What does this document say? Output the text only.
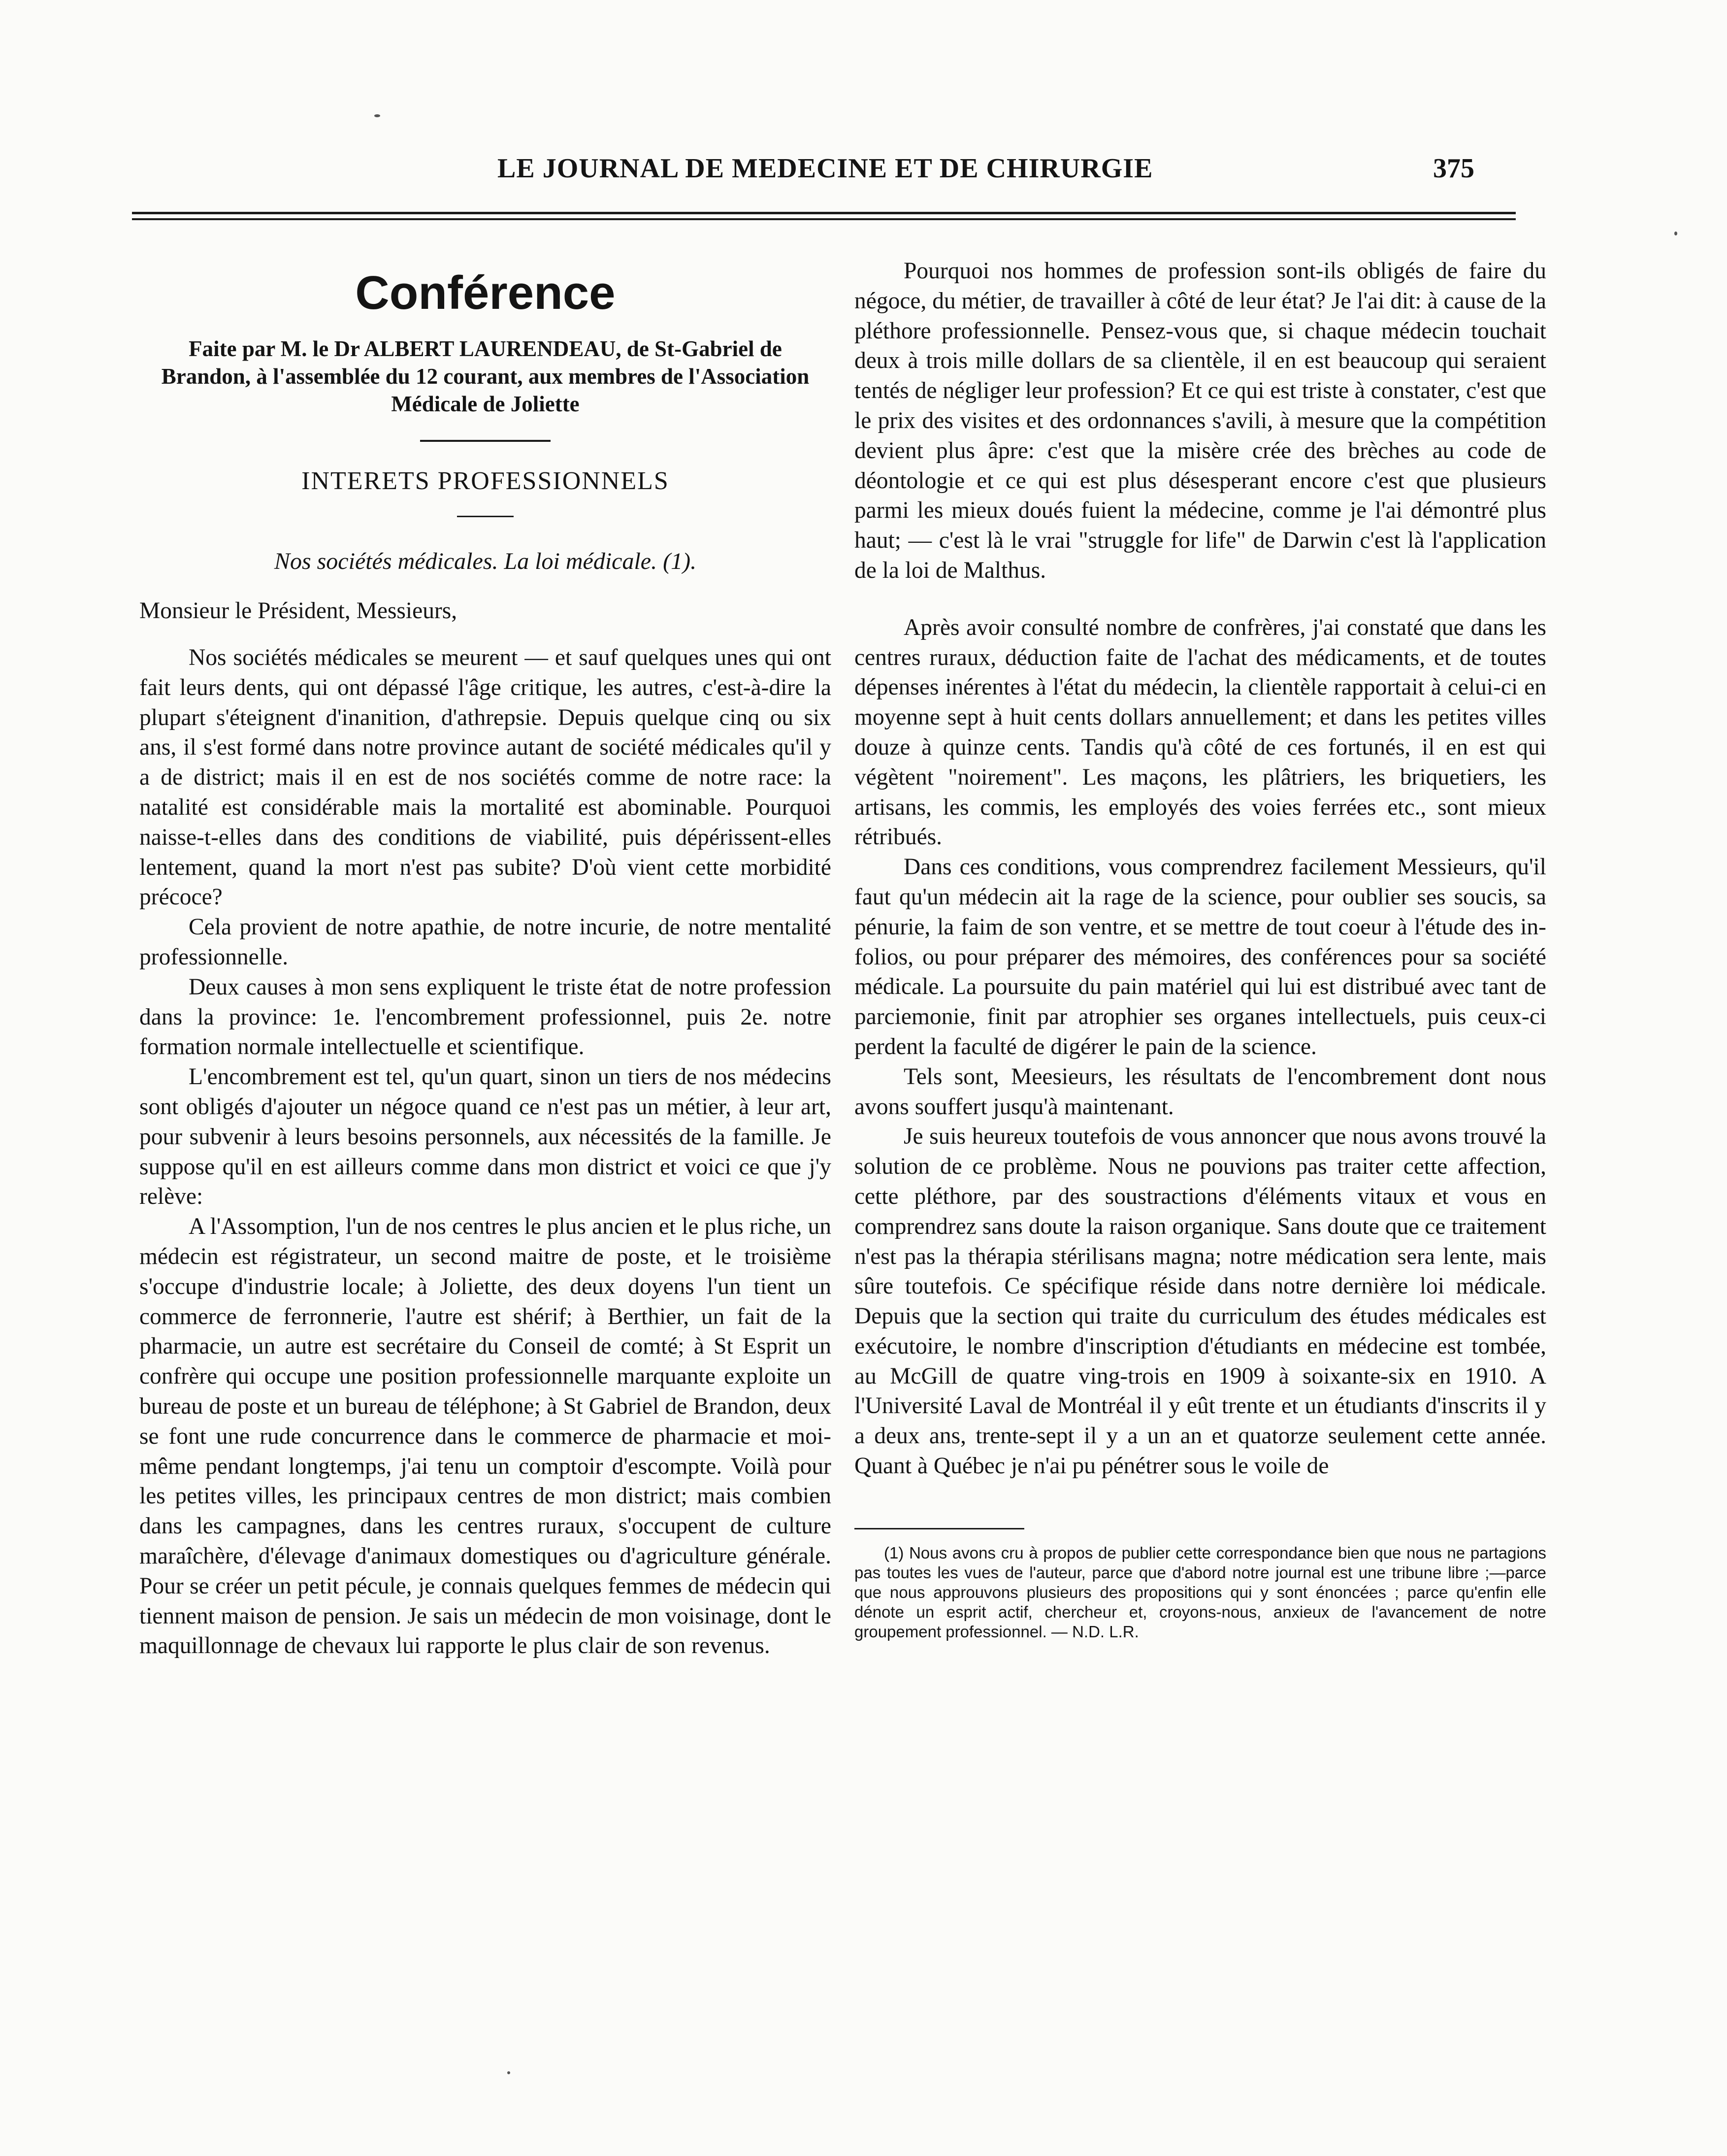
LE JOURNAL DE MEDECINE ET DE CHIRURGIE	375
Conférence

Faite par M. le Dr ALBERT LAURENDEAU, de St-Gabriel de Brandon, à l'assemblée du 12 courant, aux membres de l'Association Médicale de Joliette

INTERETS PROFESSIONNELS

Nos sociétés médicales. La loi médicale. (1).

Monsieur le Président, Messieurs,

Nos sociétés médicales se meurent — et sauf quelques unes qui ont fait leurs dents, qui ont dépassé l'âge critique, les autres, c'est-à-dire la plupart s'éteignent d'inanition, d'athrepsie. Depuis quelque cinq ou six ans, il s'est formé dans notre province autant de société médicales qu'il y a de district; mais il en est de nos sociétés comme de notre race: la natalité est considérable mais la mortalité est abominable. Pourquoi naisse-t-elles dans des conditions de viabilité, puis dépérissent-elles lentement, quand la mort n'est pas subite? D'où vient cette morbidité précoce?

Cela provient de notre apathie, de notre incurie, de notre mentalité professionnelle.

Deux causes à mon sens expliquent le triste état de notre profession dans la province: 1e. l'encombrement professionnel, puis 2e. notre formation normale intellectuelle et scientifique.

L'encombrement est tel, qu'un quart, sinon un tiers de nos médecins sont obligés d'ajouter un négoce quand ce n'est pas un métier, à leur art, pour subvenir à leurs besoins personnels, aux nécessités de la famille. Je suppose qu'il en est ailleurs comme dans mon district et voici ce que j'y relève:

A l'Assomption, l'un de nos centres le plus ancien et le plus riche, un médecin est régistrateur, un second maitre de poste, et le troisième s'occupe d'industrie locale; à Joliette, des deux doyens l'un tient un commerce de ferronnerie, l'autre est shérif; à Berthier, un fait de la pharmacie, un autre est secrétaire du Conseil de comté; à St Esprit un confrère qui occupe une position professionnelle marquante exploite un bureau de poste et un bureau de téléphone; à St Gabriel de Brandon, deux se font une rude concurrence dans le commerce de pharmacie et moi-même pendant longtemps, j'ai tenu un comptoir d'escompte. Voilà pour les petites villes, les principaux centres de mon district; mais combien dans les campagnes, dans les centres ruraux, s'occupent de culture maraîchère, d'élevage d'animaux domestiques ou d'agriculture générale. Pour se créer un petit pécule, je connais quelques femmes de médecin qui tiennent maison de pension. Je sais un médecin de mon voisinage, dont le maquillonnage de chevaux lui rapporte le plus clair de son revenus.

Pourquoi nos hommes de profession sont-ils obligés de faire du négoce, du métier, de travailler à côté de leur état? Je l'ai dit: à cause de la pléthore professionnelle. Pensez-vous que, si chaque médecin touchait deux à trois mille dollars de sa clientèle, il en est beaucoup qui seraient tentés de négliger leur profession? Et ce qui est triste à constater, c'est que le prix des visites et des ordonnances s'avili, à mesure que la compétition devient plus âpre: c'est que la misère crée des brèches au code de déontologie et ce qui est plus désesperant encore c'est que plusieurs parmi les mieux doués fuient la médecine, comme je l'ai démontré plus haut; — c'est là le vrai "struggle for life" de Darwin c'est là l'application de la loi de Malthus.

Après avoir consulté nombre de confrères, j'ai constaté que dans les centres ruraux, déduction faite de l'achat des médicaments, et de toutes dépenses inérentes à l'état du médecin, la clientèle rapportait à celui-ci en moyenne sept à huit cents dollars annuellement; et dans les petites villes douze à quinze cents. Tandis qu'à côté de ces fortunés, il en est qui végètent "noirement". Les maçons, les plâtriers, les briquetiers, les artisans, les commis, les employés des voies ferrées etc., sont mieux rétribués.

Dans ces conditions, vous comprendrez facilement Messieurs, qu'il faut qu'un médecin ait la rage de la science, pour oublier ses soucis, sa pénurie, la faim de son ventre, et se mettre de tout coeur à l'étude des in-folios, ou pour préparer des mémoires, des conférences pour sa société médicale. La poursuite du pain matériel qui lui est distribué avec tant de parciemonie, finit par atrophier ses organes intellectuels, puis ceux-ci perdent la faculté de digérer le pain de la science.

Tels sont, Meesieurs, les résultats de l'encombrement dont nous avons souffert jusqu'à maintenant.

Je suis heureux toutefois de vous annoncer que nous avons trouvé la solution de ce problème. Nous ne pouvions pas traiter cette affection, cette pléthore, par des soustractions d'éléments vitaux et vous en comprendrez sans doute la raison organique. Sans doute que ce traitement n'est pas la thérapia stérilisans magna; notre médication sera lente, mais sûre toutefois. Ce spécifique réside dans notre dernière loi médicale. Depuis que la section qui traite du curriculum des études médicales est exécutoire, le nombre d'inscription d'étudiants en médecine est tombée, au McGill de quatre ving-trois en 1909 à soixante-six en 1910. A l'Université Laval de Montréal il y eût trente et un étudiants d'inscrits il y a deux ans, trente-sept il y a un an et quatorze seulement cette année. Quant à Québec je n'ai pu pénétrer sous le voile de

(1) Nous avons cru à propos de publier cette correspondance bien que nous ne partagions pas toutes les vues de l'auteur, parce que d'abord notre journal est une tribune libre ;—parce que nous approuvons plusieurs des propositions qui y sont énoncées ; parce qu'enfin elle dénote un esprit actif, chercheur et, croyons-nous, anxieux de l'avancement de notre groupement professionnel. — N.D. L.R.
